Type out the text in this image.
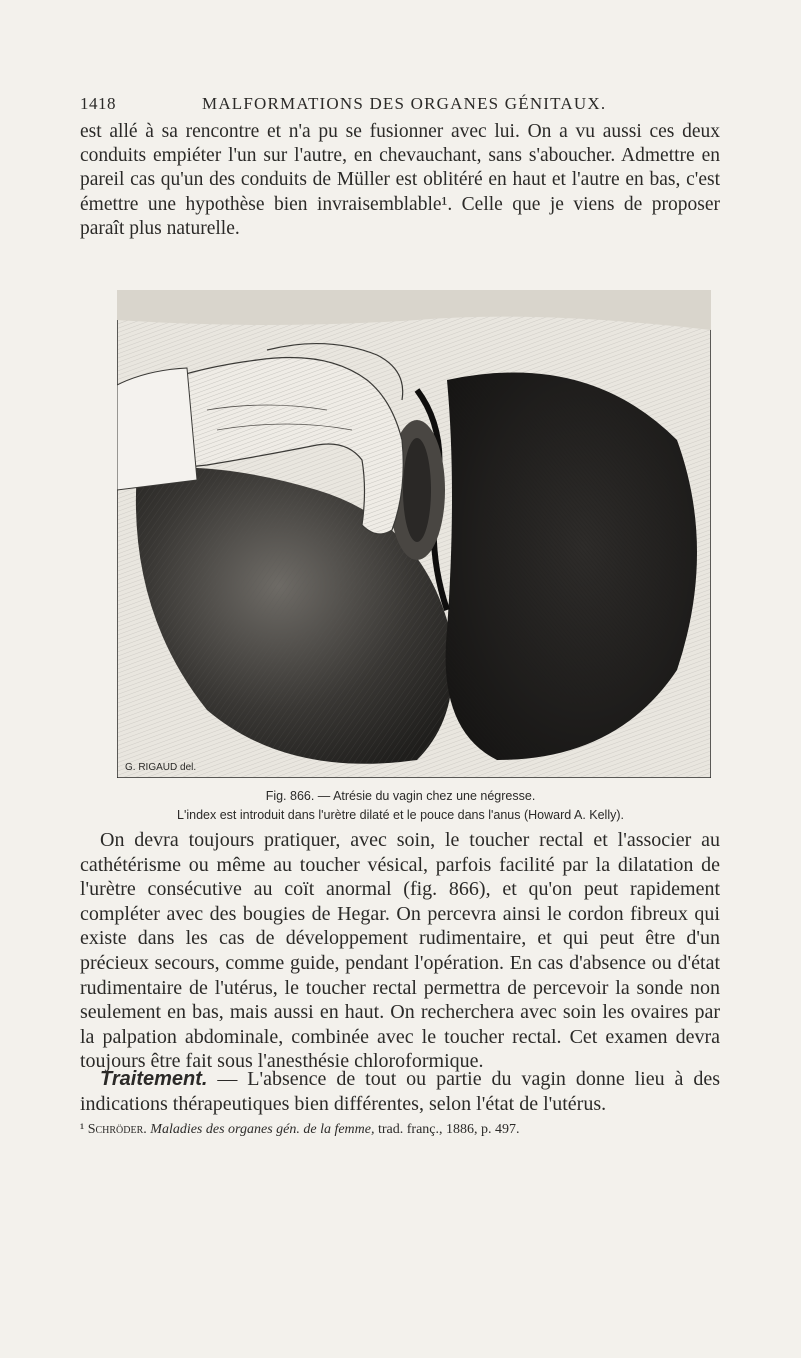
1418	MALFORMATIONS DES ORGANES GÉNITAUX.
est allé à sa rencontre et n'a pu se fusionner avec lui. On a vu aussi ces deux conduits empiéter l'un sur l'autre, en chevauchant, sans s'aboucher. Admettre en pareil cas qu'un des conduits de Müller est oblitéré en haut et l'autre en bas, c'est émettre une hypothèse bien invraisemblable¹. Celle que je viens de proposer paraît plus naturelle.
G. RIGAUD del.
Fig. 866. — Atrésie du vagin chez une négresse.
L'index est introduit dans l'urètre dilaté et le pouce dans l'anus (Howard A. Kelly).
On devra toujours pratiquer, avec soin, le toucher rectal et l'associer au cathétérisme ou même au toucher vésical, parfois facilité par la dilatation de l'urètre consécutive au coït anormal (fig. 866), et qu'on peut rapidement compléter avec des bougies de Hegar. On percevra ainsi le cordon fibreux qui existe dans les cas de développement rudimentaire, et qui peut être d'un précieux secours, comme guide, pendant l'opération. En cas d'absence ou d'état rudimentaire de l'utérus, le toucher rectal permettra de percevoir la sonde non seulement en bas, mais aussi en haut. On recherchera avec soin les ovaires par la palpation abdominale, combinée avec le toucher rectal. Cet examen devra toujours être fait sous l'anesthésie chloroformique.
Traitement. — L'absence de tout ou partie du vagin donne lieu à des indications thérapeutiques bien différentes, selon l'état de l'utérus.
¹ Schröder. Maladies des organes gén. de la femme, trad. franç., 1886, p. 497.
